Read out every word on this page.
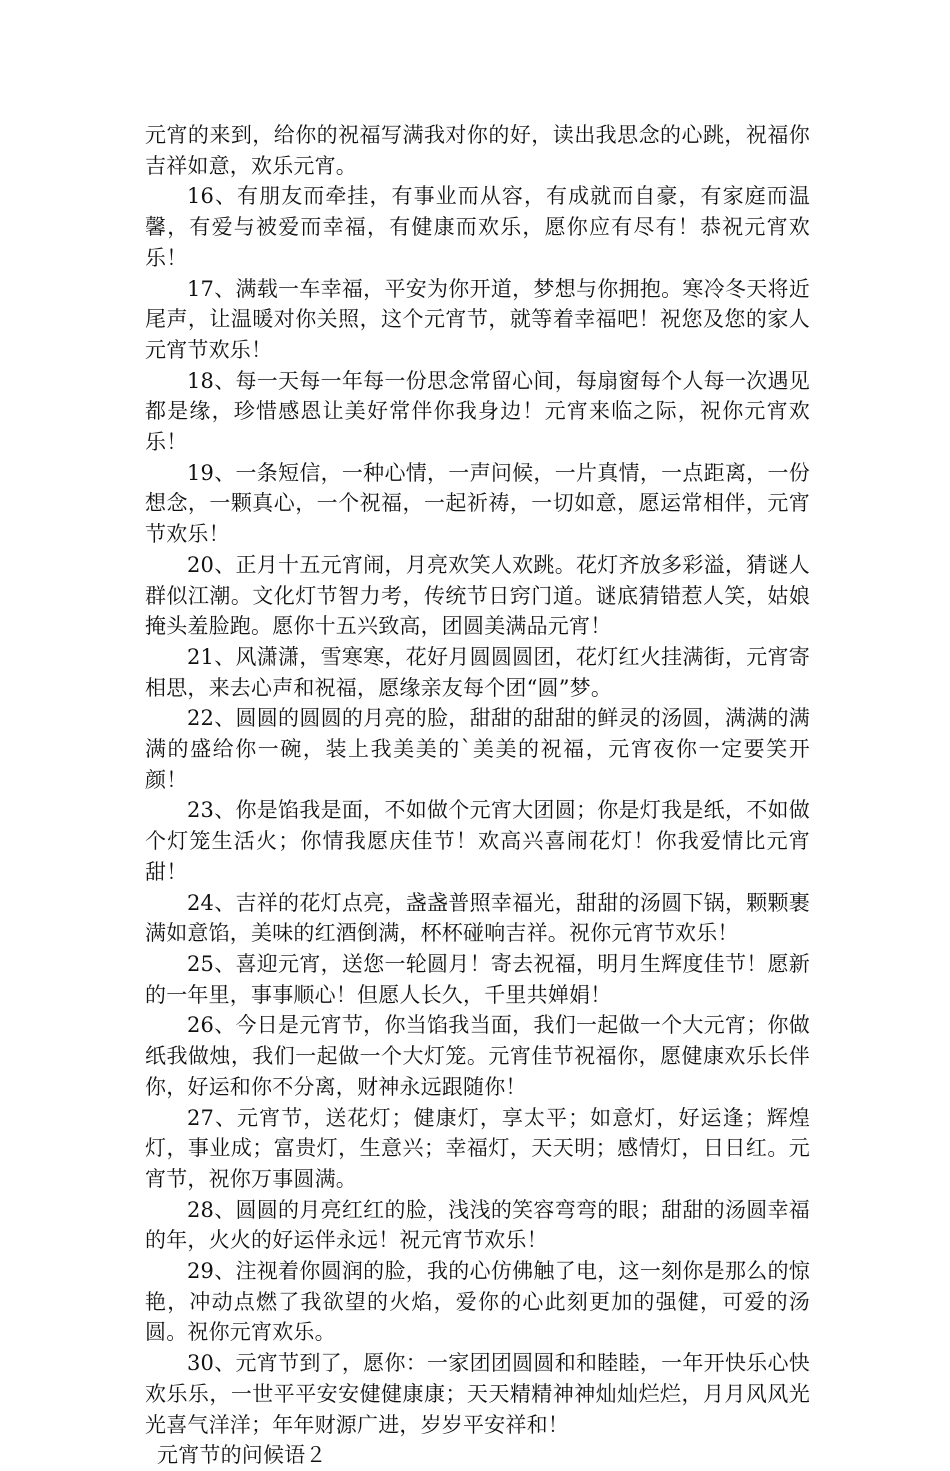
元宵的来到，给你的祝福写满我对你的好，读出我思念的心跳，祝福你吉祥如意，欢乐元宵。

16、有朋友而牵挂，有事业而从容，有成就而自豪，有家庭而温馨，有爱与被爱而幸福，有健康而欢乐，愿你应有尽有！恭祝元宵欢乐！

17、满载一车幸福，平安为你开道，梦想与你拥抱。寒冷冬天将近尾声，让温暖对你关照，这个元宵节，就等着幸福吧！祝您及您的家人元宵节欢乐！

18、每一天每一年每一份思念常留心间，每扇窗每个人每一次遇见都是缘，珍惜感恩让美好常伴你我身边！元宵来临之际，祝你元宵欢乐！

19、一条短信，一种心情，一声问候，一片真情，一点距离，一份想念，一颗真心，一个祝福，一起祈祷，一切如意，愿运常相伴，元宵节欢乐！

20、正月十五元宵闹，月亮欢笑人欢跳。花灯齐放多彩溢，猜谜人群似江潮。文化灯节智力考，传统节日窍门道。谜底猜错惹人笑，姑娘掩头羞脸跑。愿你十五兴致高，团圆美满品元宵！

21、风潇潇，雪寒寒，花好月圆圆圆团，花灯红火挂满街，元宵寄相思，来去心声和祝福，愿缘亲友每个团“圆”梦。

22、圆圆的圆圆的月亮的脸，甜甜的甜甜的鲜灵的汤圆，满满的满满的盛给你一碗，装上我美美的`美美的祝福，元宵夜你一定要笑开颜！

23、你是馅我是面，不如做个元宵大团圆；你是灯我是纸，不如做个灯笼生活火；你情我愿庆佳节！欢高兴喜闹花灯！你我爱情比元宵甜！

24、吉祥的花灯点亮，盏盏普照幸福光，甜甜的汤圆下锅，颗颗裹满如意馅，美味的红酒倒满，杯杯碰响吉祥。祝你元宵节欢乐！

25、喜迎元宵，送您一轮圆月！寄去祝福，明月生辉度佳节！愿新的一年里，事事顺心！但愿人长久，千里共婵娟！

26、今日是元宵节，你当馅我当面，我们一起做一个大元宵；你做纸我做烛，我们一起做一个大灯笼。元宵佳节祝福你，愿健康欢乐长伴你，好运和你不分离，财神永远跟随你！

27、元宵节，送花灯；健康灯，享太平；如意灯，好运逢；辉煌灯，事业成；富贵灯，生意兴；幸福灯，天天明；感情灯，日日红。元宵节，祝你万事圆满。

28、圆圆的月亮红红的脸，浅浅的笑容弯弯的眼；甜甜的汤圆幸福的年，火火的好运伴永远！祝元宵节欢乐！

29、注视着你圆润的脸，我的心仿佛触了电，这一刻你是那么的惊艳，冲动点燃了我欲望的火焰，爱你的心此刻更加的强健，可爱的汤圆。祝你元宵欢乐。

30、元宵节到了，愿你：一家团团圆圆和和睦睦，一年开快乐心快欢乐乐，一世平平安安健健康康；天天精精神神灿灿烂烂，月月风风光光喜气洋洋；年年财源广进，岁岁平安祥和！

元宵节的问候语２
